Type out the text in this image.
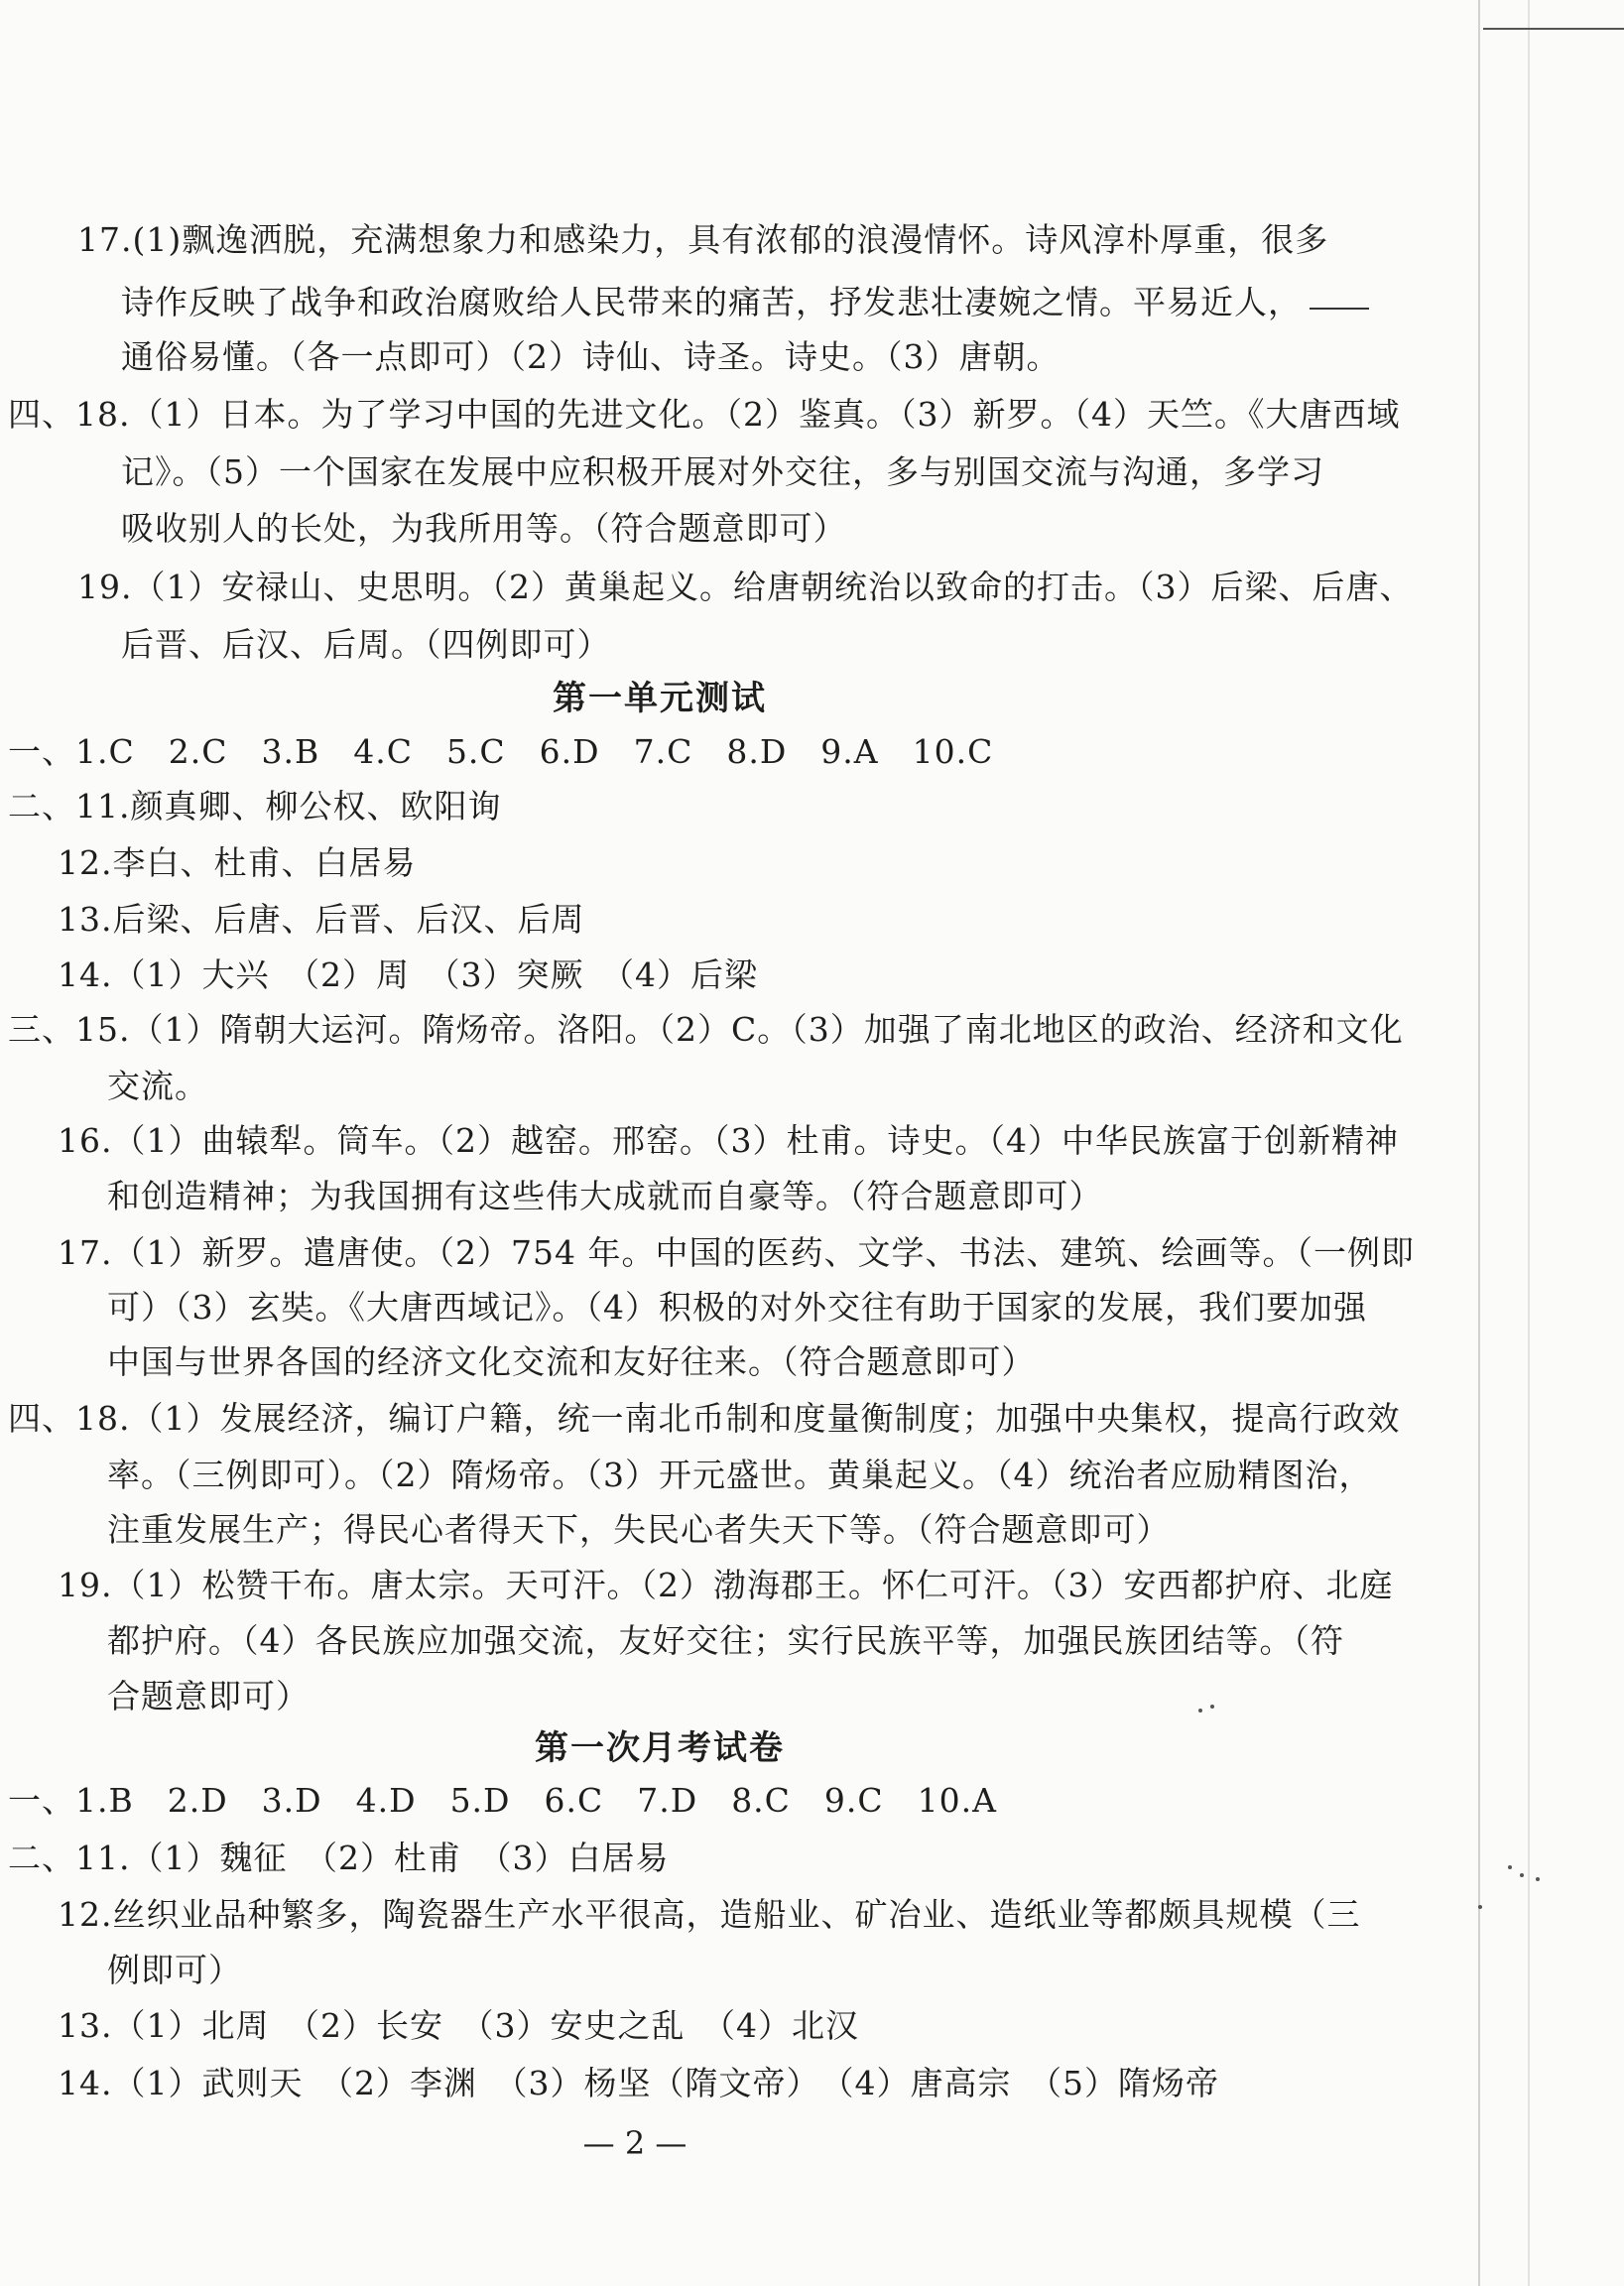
17.(1)飘逸洒脱，充满想象力和感染力，具有浓郁的浪漫情怀。诗风淳朴厚重，很多
诗作反映了战争和政治腐败给人民带来的痛苦，抒发悲壮凄婉之情。平易近人，
通俗易懂。（各一点即可）（2）诗仙、诗圣。诗史。（3）唐朝。
四、18.（1）日本。为了学习中国的先进文化。（2）鉴真。（3）新罗。（4）天竺。《大唐西域
记》。（5）一个国家在发展中应积极开展对外交往，多与别国交流与沟通，多学习
吸收别人的长处，为我所用等。（符合题意即可）
19.（1）安禄山、史思明。（2）黄巢起义。给唐朝统治以致命的打击。（3）后梁、后唐、
后晋、后汉、后周。（四例即可）
第一单元测试
一、1.C　2.C　3.B　4.C　5.C　6.D　7.C　8.D　9.A　10.C
二、11.颜真卿、柳公权、欧阳询
12.李白、杜甫、白居易
13.后梁、后唐、后晋、后汉、后周
14.（1）大兴　（2）周　（3）突厥　（4）后梁
三、15.（1）隋朝大运河。隋炀帝。洛阳。（2）C。（3）加强了南北地区的政治、经济和文化
交流。
16.（1）曲辕犁。筒车。（2）越窑。邢窑。（3）杜甫。诗史。（4）中华民族富于创新精神
和创造精神；为我国拥有这些伟大成就而自豪等。（符合题意即可）
17.（1）新罗。遣唐使。（2）754 年。中国的医药、文学、书法、建筑、绘画等。（一例即
可）（3）玄奘。《大唐西域记》。（4）积极的对外交往有助于国家的发展，我们要加强
中国与世界各国的经济文化交流和友好往来。（符合题意即可）
四、18.（1）发展经济，编订户籍，统一南北币制和度量衡制度；加强中央集权，提高行政效
率。（三例即可）。（2）隋炀帝。（3）开元盛世。黄巢起义。（4）统治者应励精图治，
注重发展生产；得民心者得天下，失民心者失天下等。（符合题意即可）
19.（1）松赞干布。唐太宗。天可汗。（2）渤海郡王。怀仁可汗。（3）安西都护府、北庭
都护府。（4）各民族应加强交流，友好交往；实行民族平等，加强民族团结等。（符
合题意即可）
第一次月考试卷
一、1.B　2.D　3.D　4.D　5.D　6.C　7.D　8.C　9.C　10.A
二、11.（1）魏征　（2）杜甫　（3）白居易
12.丝织业品种繁多，陶瓷器生产水平很高，造船业、矿冶业、造纸业等都颇具规模（三
例即可）
13.（1）北周　（2）长安　（3）安史之乱　（4）北汉
14.（1）武则天　（2）李渊　（3）杨坚（隋文帝）　（4）唐高宗　（5）隋炀帝
— 2 —
